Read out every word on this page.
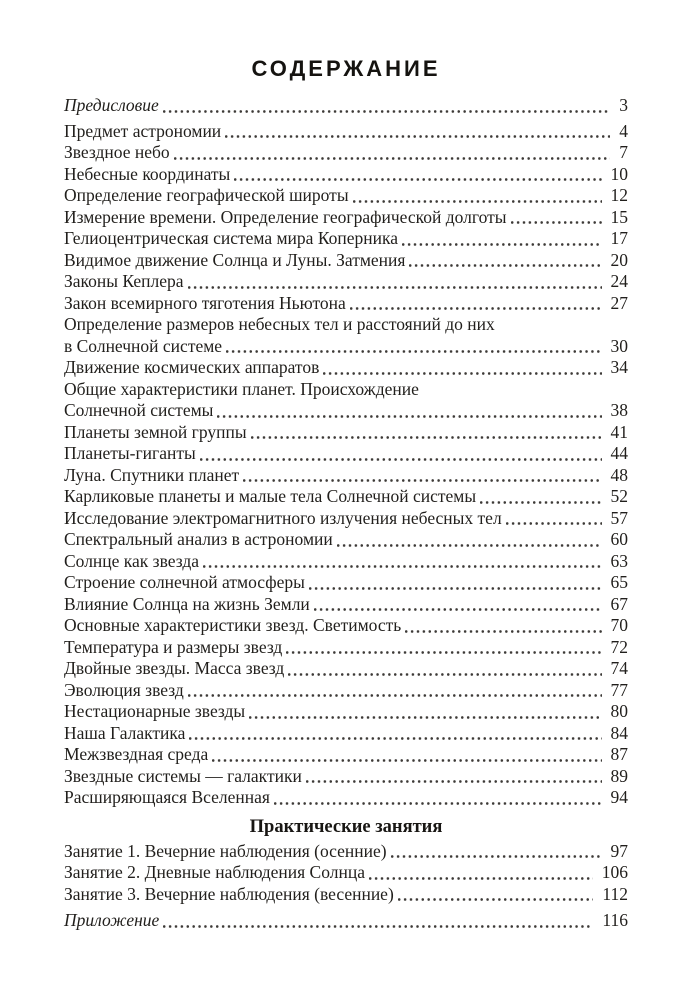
СОДЕРЖАНИЕ
Предисловие	3
Предмет астрономии	4
Звездное небо	7
Небесные координаты	10
Определение географической широты	12
Измерение времени. Определение географической долготы	15
Гелиоцентрическая система мира Коперника	17
Видимое движение Солнца и Луны. Затмения	20
Законы Кеплера	24
Закон всемирного тяготения Ньютона	27
Определение размеров небесных тел и расстояний до них
в Солнечной системе	30
Движение космических аппаратов	34
Общие характеристики планет. Происхождение
Солнечной системы	38
Планеты земной группы	41
Планеты-гиганты	44
Луна. Спутники планет	48
Карликовые планеты и малые тела Солнечной системы	52
Исследование электромагнитного излучения небесных тел	57
Спектральный анализ в астрономии	60
Солнце как звезда	63
Строение солнечной атмосферы	65
Влияние Солнца на жизнь Земли	67
Основные характеристики звезд. Светимость	70
Температура и размеры звезд	72
Двойные звезды. Масса звезд	74
Эволюция звезд	77
Нестационарные звезды	80
Наша Галактика	84
Межзвездная среда	87
Звездные системы — галактики	89
Расширяющаяся Вселенная	94
Практические занятия
Занятие 1. Вечерние наблюдения (осенние)	97
Занятие 2. Дневные наблюдения Солнца	106
Занятие 3. Вечерние наблюдения (весенние)	112
Приложение	116
